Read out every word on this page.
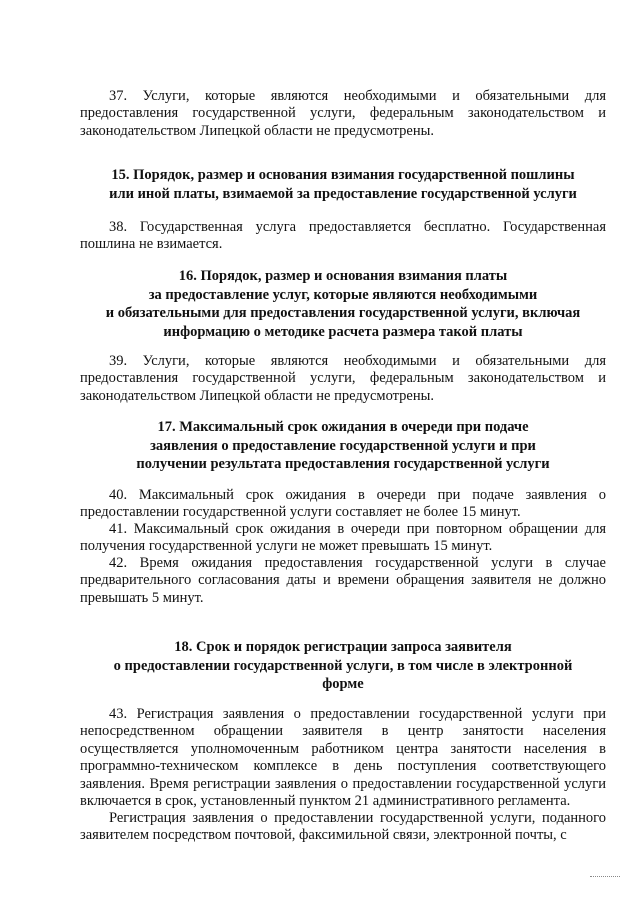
37. Услуги, которые являются необходимыми и обязательными для предоставления государственной услуги, федеральным законодательством и законодательством Липецкой области не предусмотрены.

15. Порядок, размер и основания взимания государственной пошлины
или иной платы, взимаемой за предоставление государственной услуги

38. Государственная услуга предоставляется бесплатно. Государственная пошлина не взимается.

16. Порядок, размер и основания взимания платы
за предоставление услуг, которые являются необходимыми
и обязательными для предоставления государственной услуги, включая
информацию о методике расчета размера такой платы

39. Услуги, которые являются необходимыми и обязательными для предоставления государственной услуги, федеральным законодательством и законодательством Липецкой области не предусмотрены.

17. Максимальный срок ожидания в очереди при подаче
заявления о предоставление государственной услуги и при
получении результата предоставления государственной услуги

40. Максимальный срок ожидания в очереди при подаче заявления о предоставлении государственной услуги составляет не более 15 минут.

41. Максимальный срок ожидания в очереди при повторном обращении для получения государственной услуги не может превышать 15 минут.

42. Время ожидания предоставления государственной услуги в случае предварительного согласования даты и времени обращения заявителя не должно превышать 5 минут.

18. Срок и порядок регистрации запроса заявителя
о предоставлении государственной услуги, в том числе в электронной
форме

43. Регистрация заявления о предоставлении государственной услуги при непосредственном обращении заявителя в центр занятости населения осуществляется уполномоченным работником центра занятости населения в программно-техническом комплексе в день поступления соответствующего заявления. Время регистрации заявления о предоставлении государственной услуги включается в срок, установленный пунктом 21 административного регламента.

Регистрация заявления о предоставлении государственной услуги, поданного заявителем посредством почтовой, факсимильной связи, электронной почты, с
